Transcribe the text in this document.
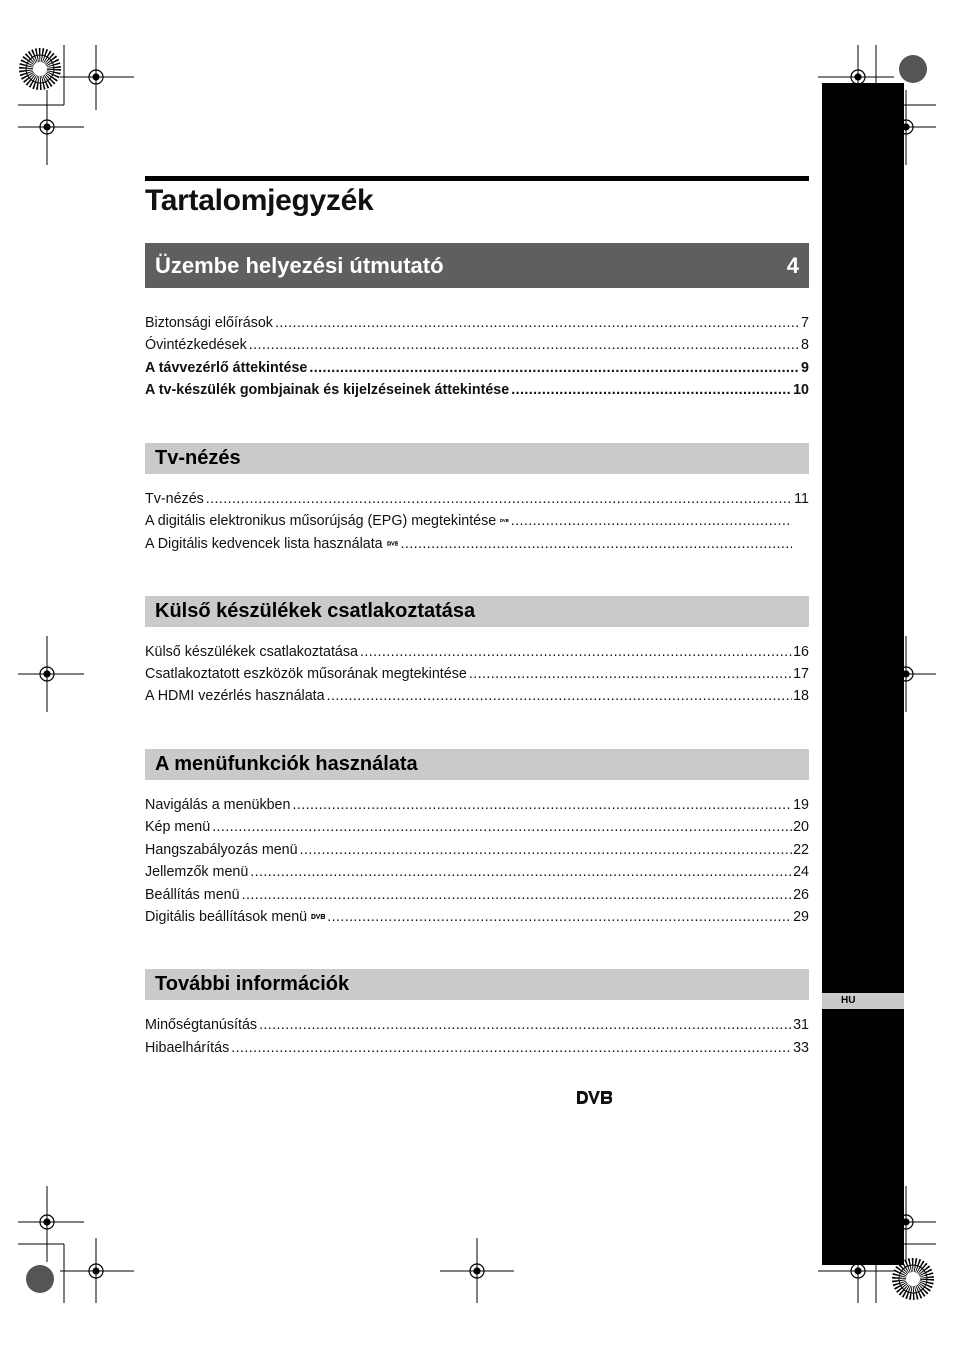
HU
Tartalomjegyzék
Üzembe helyezési útmutató	4
Biztonsági előírások .....	7
Óvintézkedések .....	8
A távvezérlő áttekintése .....	9
A tv-készülék gombjainak és kijelzéseinek áttekintése .....	10
Tv-nézés
Tv-nézés .....	11
A digitális elektronikus műsorújság (EPG) megtekintése .....	13
A Digitális kedvencek lista használata .....	15
Külső készülékek csatlakoztatása
Külső készülékek csatlakoztatása .....	16
Csatlakoztatott eszközök műsorának megtekintése .....	17
A HDMI vezérlés használata .....	18
A menüfunkciók használata
Navigálás a menükben .....	19
Kép menü .....	20
Hangszabályozás menü .....	22
Jellemzők menü .....	24
Beállítás menü .....	26
Digitális beállítások menü .....	29
További információk
Minőségtanúsítás .....	31
Hibaelhárítás .....	33
